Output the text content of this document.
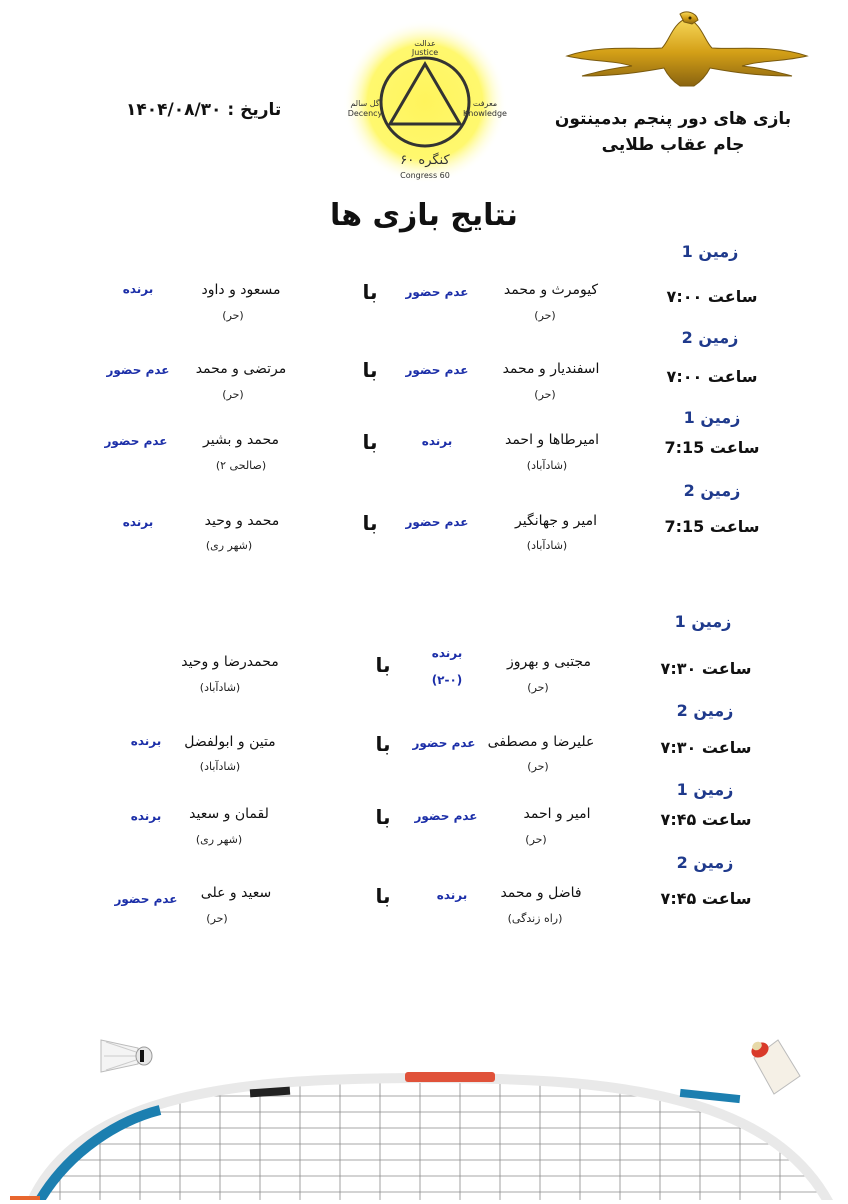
عدالت
Justice
گل سالم
Decency
معرفت
Knowledge
کنگره ۶۰
Congress 60
بازی های دور پنجم بدمینتون
جام عقاب طلایی
تاریخ : ۱۴۰۴/۰۸/۳۰
نتایج بازی ها
زمین 1
ساعت ۷:۰۰
کیومرث و محمد
(حر)
عدم حضور
با
مسعود و داود
(حر)
برنده
زمین 2
ساعت ۷:۰۰
اسفندیار و محمد
(حر)
عدم حضور
با
مرتضی و محمد
(حر)
عدم حضور
زمین 1
ساعت 7:15
امیرطاها و احمد
(شادآباد)
برنده
با
محمد و بشیر
(صالحی ۲)
عدم حضور
زمین 2
ساعت 7:15
امیر و جهانگیر
(شادآباد)
عدم حضور
با
محمد و وحید
(شهر ری)
برنده
زمین 1
ساعت ۷:۳۰
مجتبی و بهروز
(حر)
برنده
(۲-۰)
با
محمدرضا و وحید
(شادآباد)
زمین 2
ساعت ۷:۳۰
علیرضا و مصطفی
(حر)
عدم حضور
با
متین و ابولفضل
(شادآباد)
برنده
زمین 1
ساعت ۷:۴۵
امیر و احمد
(حر)
عدم حضور
با
لقمان و سعید
(شهر ری)
برنده
زمین 2
ساعت ۷:۴۵
فاضل و محمد
(راه زندگی)
برنده
با
سعید و علی
(حر)
عدم حضور
